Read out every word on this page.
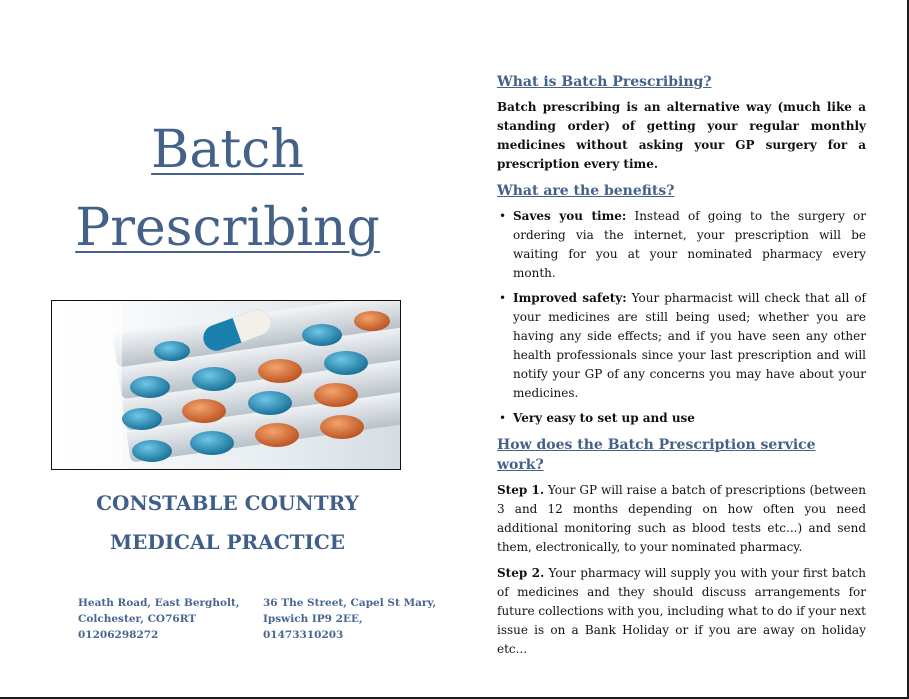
Batch
Prescribing
CONSTABLE COUNTRY
MEDICAL PRACTICE
Heath Road, East Bergholt,
Colchester, CO76RT
01206298272
36 The Street, Capel St Mary,
Ipswich IP9 2EE,
01473310203
What is Batch Prescribing?
Batch prescribing is an alternative way (much like a standing order) of getting your regular monthly medicines without asking your GP surgery for a prescription every time.
What are the benefits?
• Saves you time: Instead of going to the surgery or ordering via the internet, your prescription will be waiting for you at your nominated pharmacy every month.
• Improved safety: Your pharmacist will check that all of your medicines are still being used; whether you are having any side effects; and if you have seen any other health professionals since your last prescription and will notify your GP of any concerns you may have about your medicines.
• Very easy to set up and use
How does the Batch Prescription service work?
Step 1. Your GP will raise a batch of prescriptions (between 3 and 12 months depending on how often you need additional monitoring such as blood tests etc...) and send them, electronically, to your nominated pharmacy.
Step 2. Your pharmacy will supply you with your first batch of medicines and they should discuss arrangements for future collections with you, including what to do if your next issue is on a Bank Holiday or if you are away on holiday etc...
